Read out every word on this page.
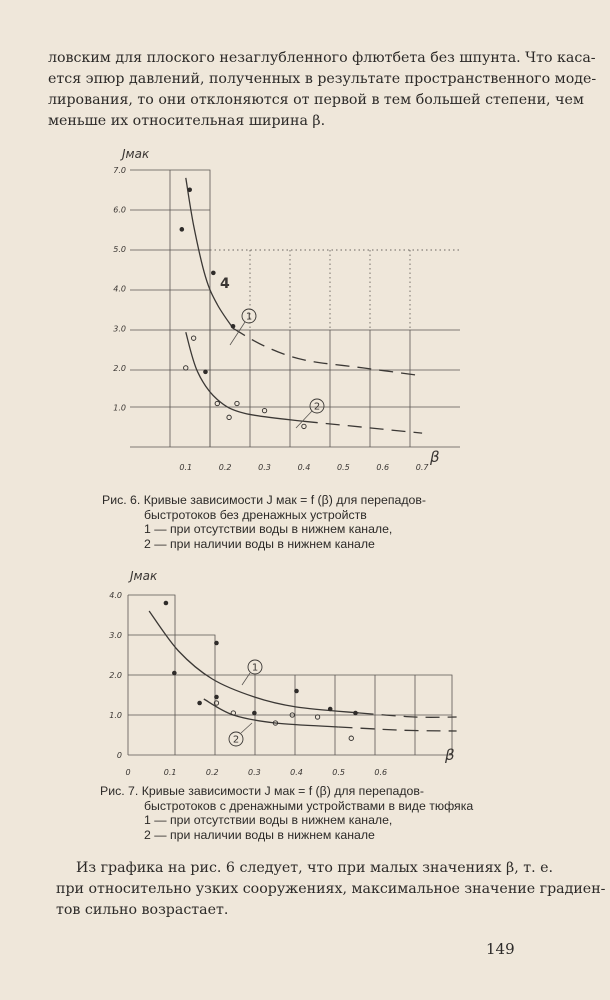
ловским для плоского незаглубленного флютбета без шпунта. Что каса-
ется эпюр давлений, полученных в результате пространственного моде-
лирования, то они отклоняются от первой в тем большей степени, чем
меньше их относительная ширина β.

0.1	0.2	0.3	0.4	0.5	0.6	0.7
1.0
2.0
3.0
4.0
5.0
6.0
7.0
Jмак
β
1
2
4

Рис. 6. Кривые зависимости J мак = f (β) для перепадов-
быстротоков без дренажных устройств
1 — при отсутствии воды в нижнем канале,
2 — при наличии воды в нижнем канале

0	0.1	0.2	0.3	0.4	0.5	0.6
0
1.0
2.0
3.0
4.0
Jмак
β
1
2

Рис. 7. Кривые зависимости J мак = f (β) для перепадов-
быстротоков с дренажными устройствами в виде тюфяка
1 — при отсутствии воды в нижнем канале,
2 — при наличии воды в нижнем канале

Из графика на рис. 6 следует, что при малых значениях β, т. е.
при относительно узких сооружениях, максимальное значение градиен-
тов сильно возрастает.

149
